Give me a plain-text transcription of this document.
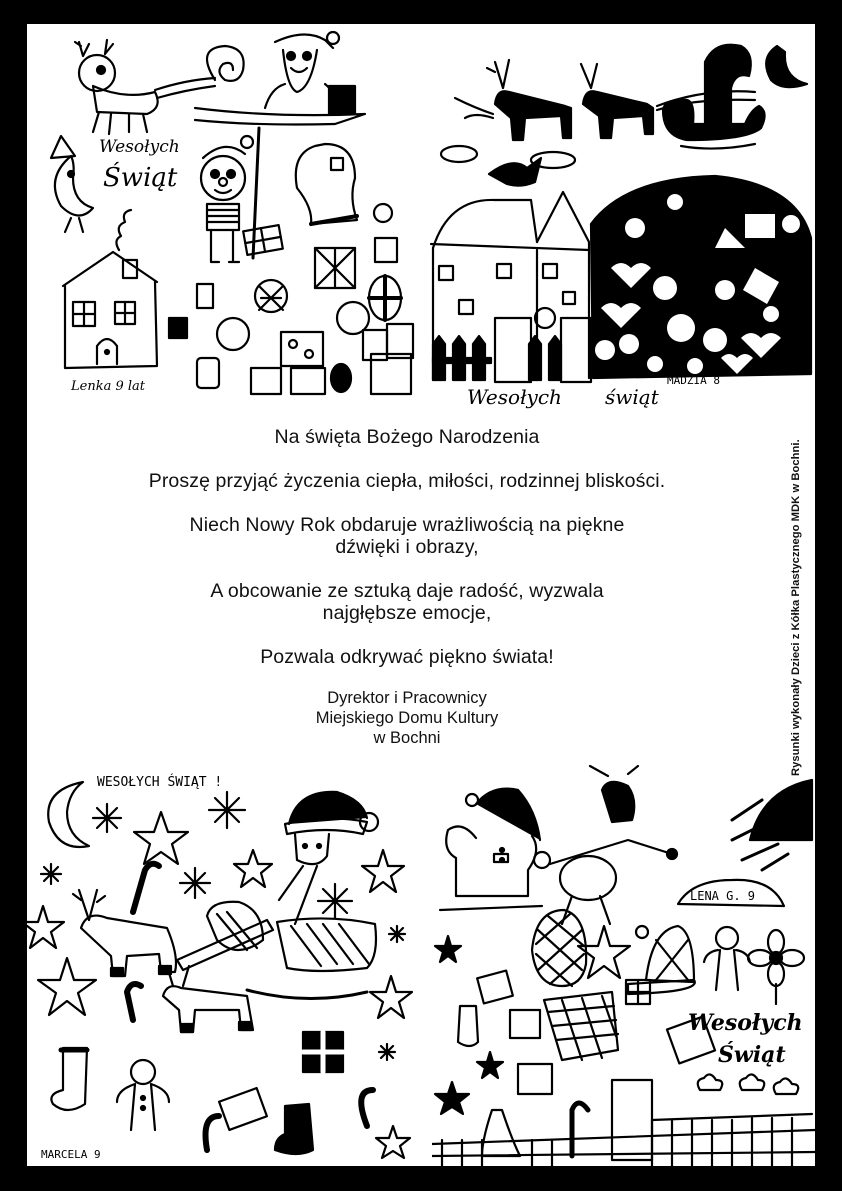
Wesołych
Świąt
Lenka 9 lat	MADZIA 8
Wesołych świąt

Na święta Bożego Narodzenia

Proszę przyjąć życzenia ciepła, miłości, rodzinnej bliskości.

Niech Nowy Rok obdaruje wrażliwością na piękne

dźwięki i obrazy,

A obcowanie ze sztuką daje radość, wyzwala

najgłębsze emocje,

Pozwala odkrywać piękno świata!

Dyrektor i Pracownicy

Miejskiego Domu Kultury

w Bochni	Rysunki wykonały Dzieci z Kółka Plastycznego MDK w Bochni.
WESOŁYCH ŚWIĄT !
MARCELA 9
LENA G. 9
Wesołych
Świąt
